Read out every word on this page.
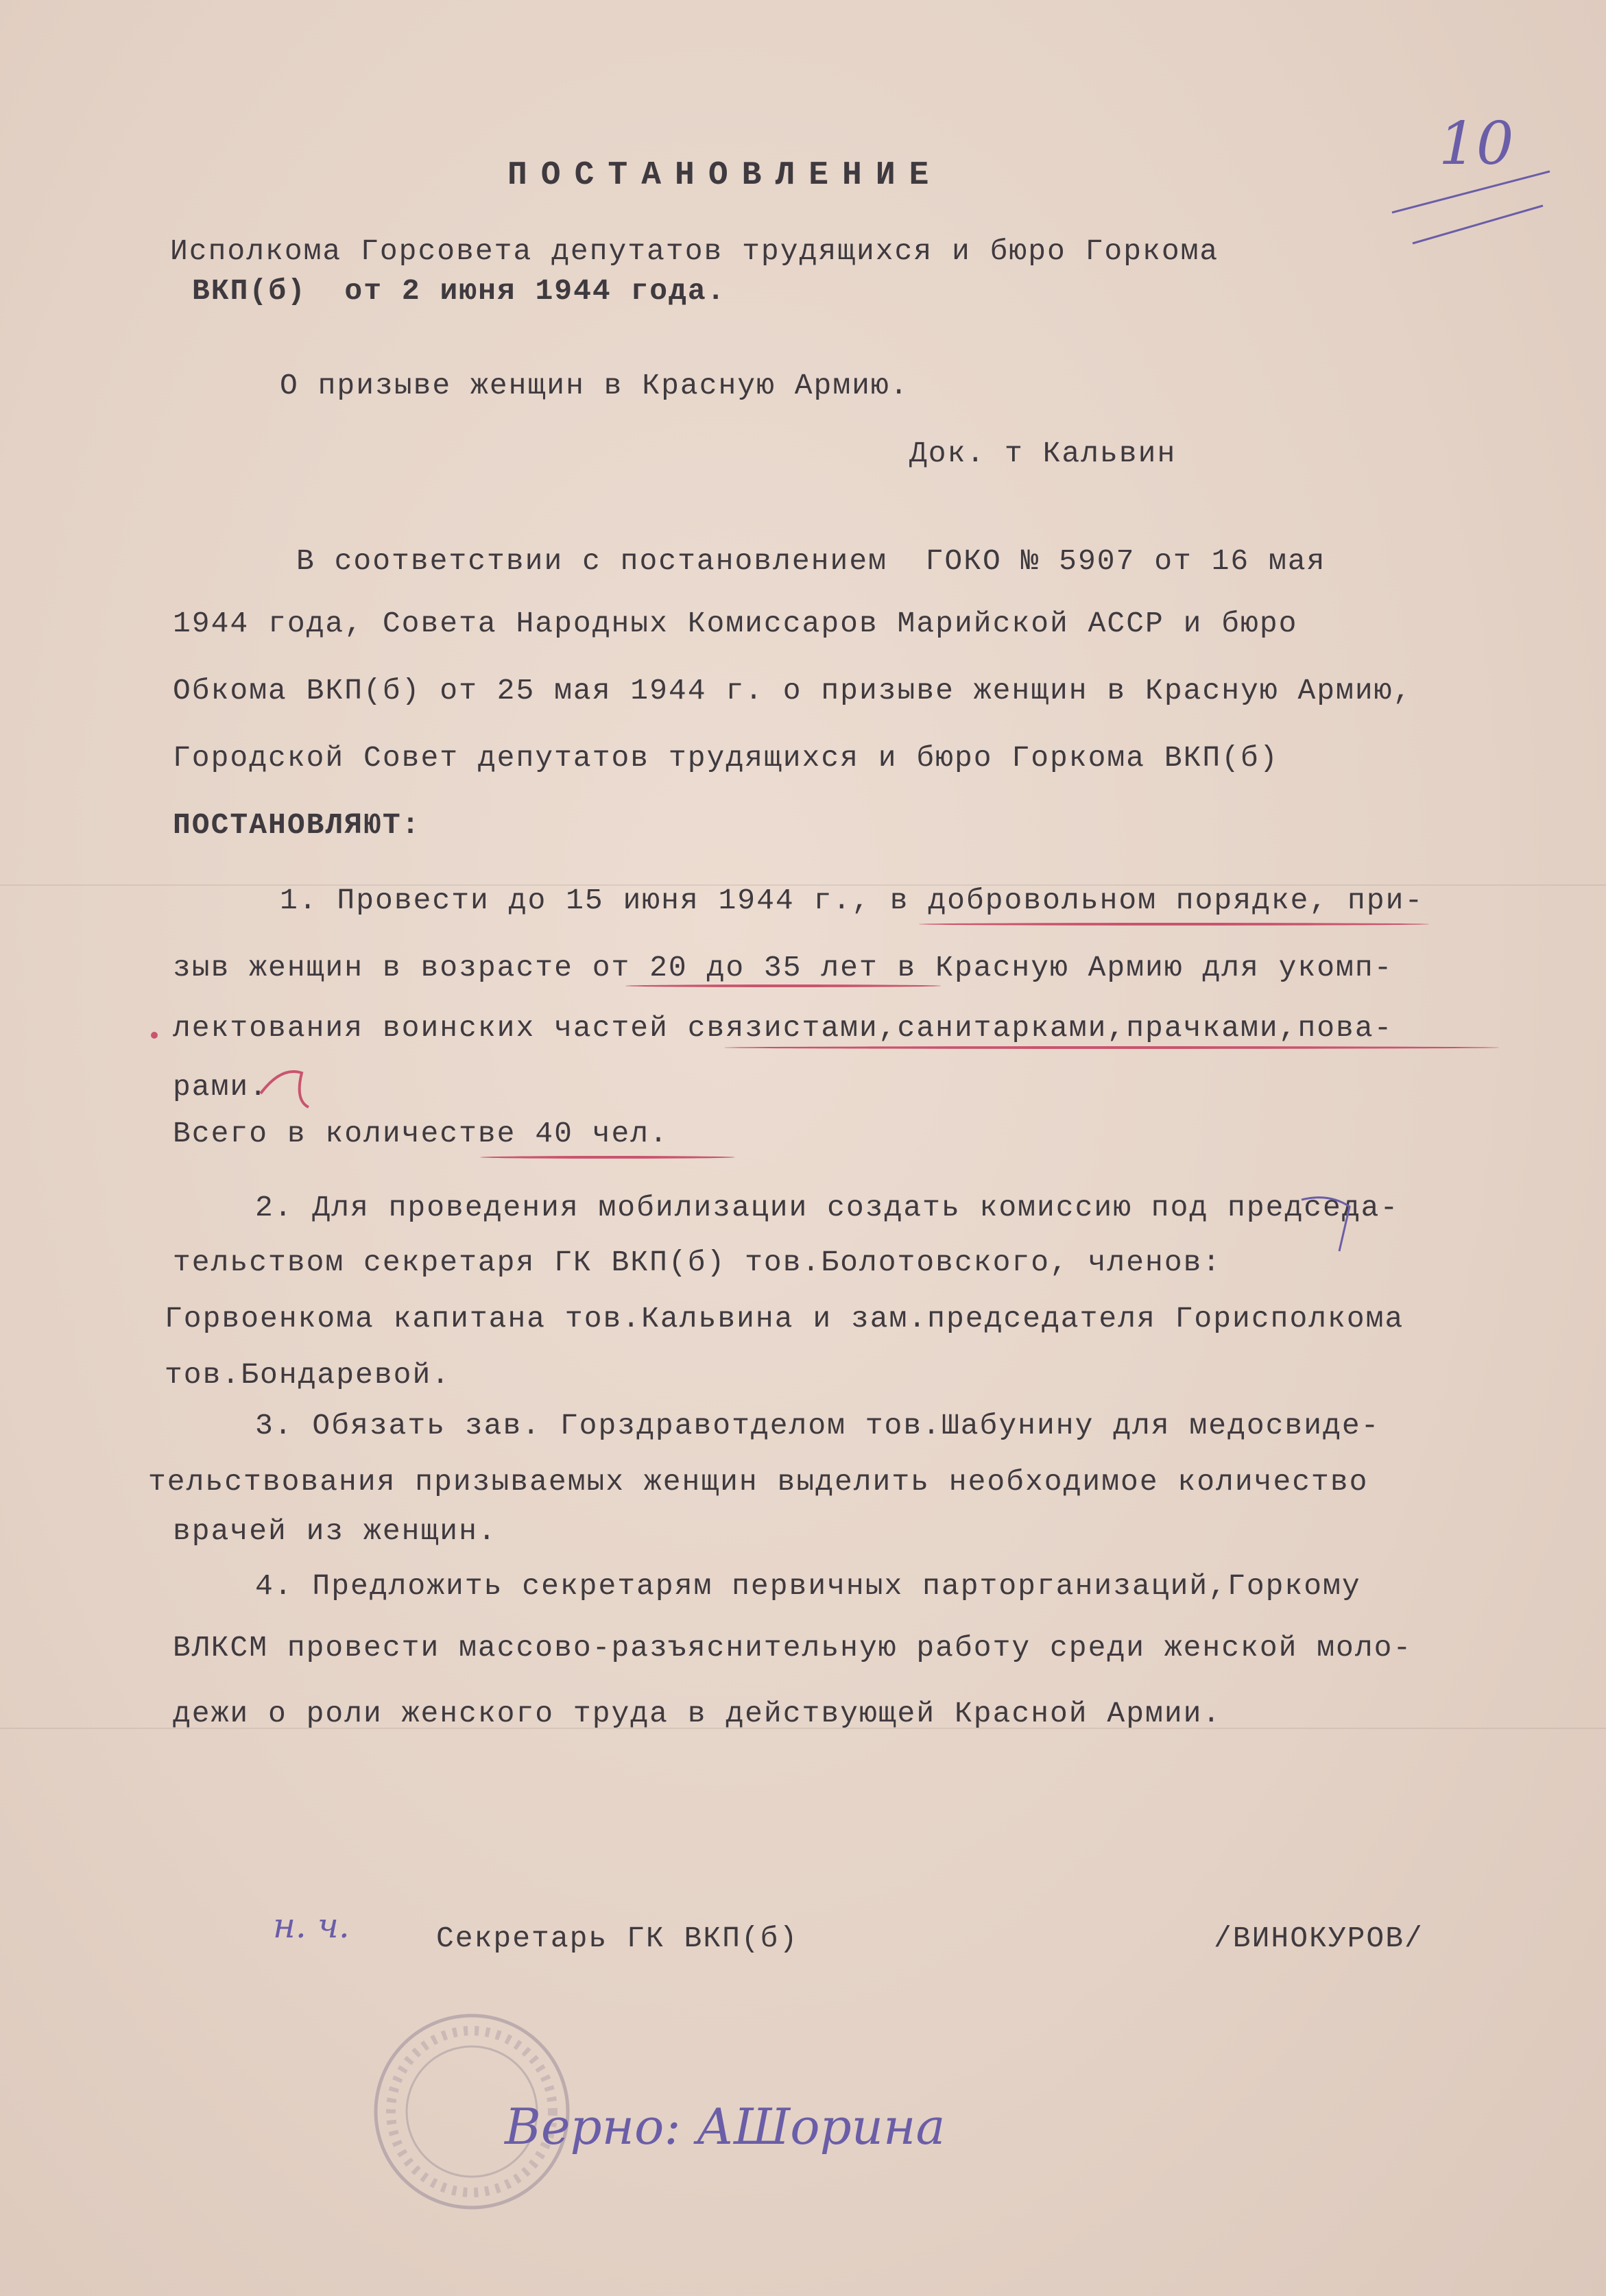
10
ПОСТАНОВЛЕНИЕ
Исполкома Горсовета депутатов трудящихся и бюро Горкома
ВКП(б)  от 2 июня 1944 года.
О призыве женщин в Красную Армию.
Док. т Кальвин
В соответствии с постановлением  ГОКО № 5907 от 16 мая
1944 года, Совета Народных Комиссаров Марийской АССР и бюро
Обкома ВКП(б) от 25 мая 1944 г. о призыве женщин в Красную Армию,
Городской Совет депутатов трудящихся и бюро Горкома ВКП(б)
ПОСТАНОВЛЯЮТ:
1. Провести до 15 июня 1944 г., в добровольном порядке, при-
зыв женщин в возрасте от 20 до 35 лет в Красную Армию для укомп-
лектования воинских частей связистами,санитарками,прачками,пова-
рами.
Всего в количестве 40 чел.
2. Для проведения мобилизации создать комиссию под председа-
тельством секретаря ГК ВКП(б) тов.Болотовского, членов:
Горвоенкома капитана тов.Кальвина и зам.председателя Горисполкома
тов.Бондаревой.
3. Обязать зав. Горздравотделом тов.Шабунину для медосвиде-
тельствования призываемых женщин выделить необходимое количество
врачей из женщин.
4. Предложить секретарям первичных парторганизаций,Горкому
ВЛКСМ провести массово-разъяснительную работу среди женской моло-
дежи о роли женского труда в действующей Красной Армии.
н. ч.	Секретарь ГК ВКП(б)	/ВИНОКУРОВ/
Верно: АШорина
